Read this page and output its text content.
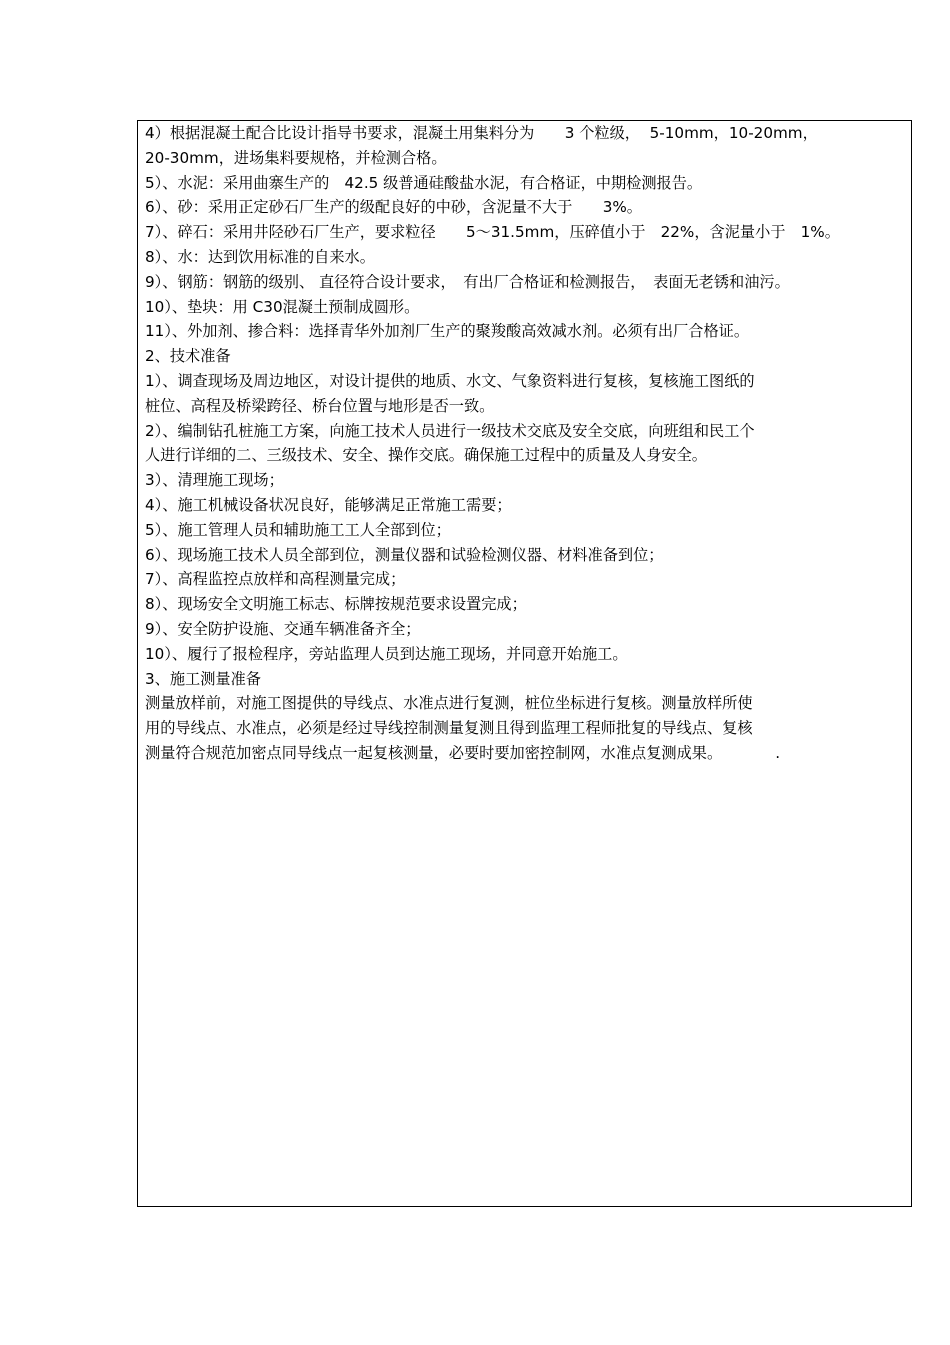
4）根据混凝土配合比设计指导书要求，混凝土用集料分为　　3 个粒级，  5-10mm，10-20mm，
20-30mm，进场集料要规格，并检测合格。
5）、水泥：采用曲寨生产的　42.5 级普通硅酸盐水泥，有合格证，中期检测报告。
6）、砂：采用正定砂石厂生产的级配良好的中砂，含泥量不大于　　3%。
7）、碎石：采用井陉砂石厂生产，要求粒径　　5～31.5mm，压碎值小于　22%，含泥量小于　1%。
8）、水：达到饮用标准的自来水。
9）、钢筋：钢筋的级别、 直径符合设计要求，　有出厂合格证和检测报告，　表面无老锈和油污。
10）、垫块：用 C30混凝土预制成圆形。
11）、外加剂、掺合料：选择青华外加剂厂生产的聚羧酸高效减水剂。必须有出厂合格证。
2、技术准备
1）、调查现场及周边地区，对设计提供的地质、水文、气象资料进行复核，复核施工图纸的
桩位、高程及桥梁跨径、桥台位置与地形是否一致。
2）、编制钻孔桩施工方案，向施工技术人员进行一级技术交底及安全交底，向班组和民工个
人进行详细的二、三级技术、安全、操作交底。确保施工过程中的质量及人身安全。
3）、清理施工现场；
4）、施工机械设备状况良好，能够满足正常施工需要；
5）、施工管理人员和辅助施工工人全部到位；
6）、现场施工技术人员全部到位，测量仪器和试验检测仪器、材料准备到位；
7）、高程监控点放样和高程测量完成；
8）、现场安全文明施工标志、标牌按规范要求设置完成；
9）、安全防护设施、交通车辆准备齐全；
10）、履行了报检程序，旁站监理人员到达施工现场，并同意开始施工。
3、施工测量准备
测量放样前，对施工图提供的导线点、水准点进行复测，桩位坐标进行复核。测量放样所使
用的导线点、水准点，必须是经过导线控制测量复测且得到监理工程师批复的导线点、复核
测量符合规范加密点同导线点一起复核测量，必要时要加密控制网，水准点复测成果。　　　　.
